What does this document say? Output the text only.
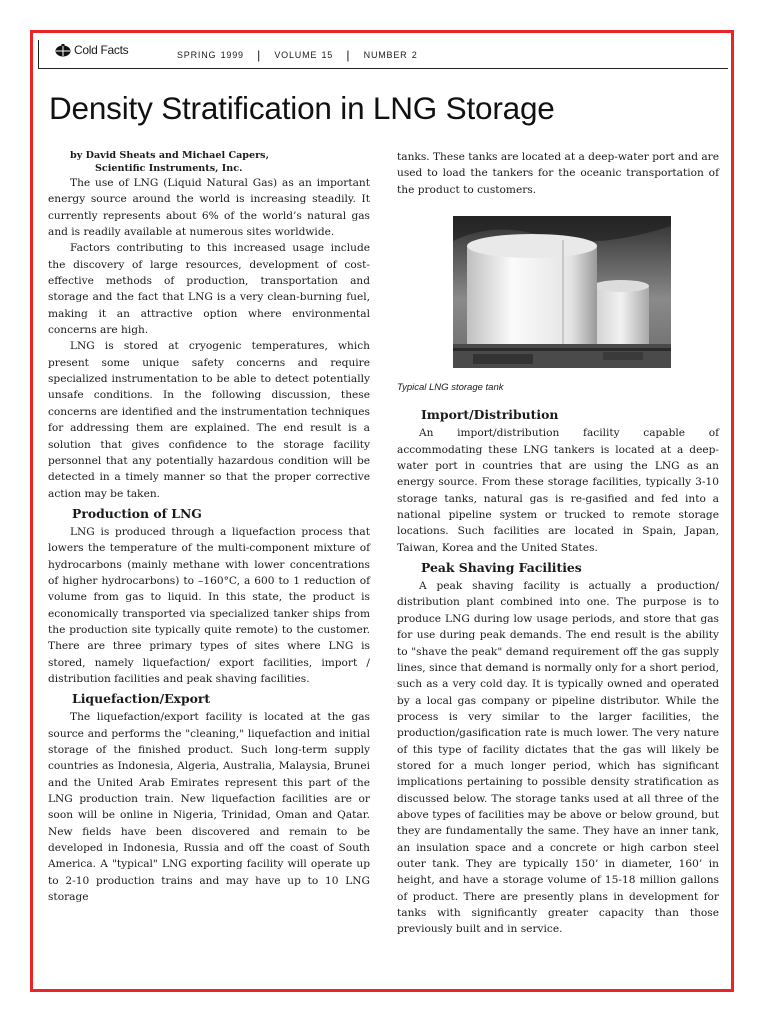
Cold Facts	SPRING 1999 | VOLUME 15 | NUMBER 2
Density Stratification in LNG Storage
by David Sheats and Michael Capers,
Scientific Instruments, Inc.

The use of LNG (Liquid Natural Gas) as an important energy source around the world is increasing steadily. It currently represents about 6% of the world’s natural gas and is readily available at numerous sites worldwide.

Factors contributing to this increased usage include the discovery of large resources, development of cost-effective methods of production, transportation and storage and the fact that LNG is a very clean-burning fuel, making it an attractive option where environmental concerns are high.

LNG is stored at cryogenic temperatures, which present some unique safety concerns and require specialized instrumentation to be able to detect potentially unsafe conditions. In the following discussion, these concerns are identified and the instrumentation techniques for addressing them are explained. The end result is a solution that gives confidence to the storage facility personnel that any potentially hazardous condition will be detected in a timely manner so that the proper corrective action may be taken.

Production of LNG

LNG is produced through a liquefaction process that lowers the temperature of the multi-component mixture of hydrocarbons (mainly methane with lower concentrations of higher hydrocarbons) to –160°C, a 600 to 1 reduction of volume from gas to liquid. In this state, the product is economically transported via specialized tanker ships from the production site typically quite remote) to the customer. There are three primary types of sites where LNG is stored, namely liquefaction/ export facilities, import / distribution facilities and peak shaving facilities.

Liquefaction/Export

The liquefaction/export facility is located at the gas source and performs the "cleaning," liquefaction and initial storage of the finished product. Such long-term supply countries as Indonesia, Algeria, Australia, Malaysia, Brunei and the United Arab Emirates represent this part of the LNG production train. New liquefaction facilities are or soon will be online in Nigeria, Trinidad, Oman and Qatar. New fields have been discovered and remain to be developed in Indonesia, Russia and off the coast of South America. A "typical" LNG exporting facility will operate up to 2-10 production trains and may have up to 10 LNG storage

tanks. These tanks are located at a deep-water port and are used to load the tankers for the oceanic transportation of the product to customers.

Typical LNG storage tank
Import/Distribution

An import/distribution facility capable of accommodating these LNG tankers is located at a deep-water port in countries that are using the LNG as an energy source. From these storage facilities, typically 3-10 storage tanks, natural gas is re-gasified and fed into a national pipeline system or trucked to remote storage locations. Such facilities are located in Spain, Japan, Taiwan, Korea and the United States.

Peak Shaving Facilities

A peak shaving facility is actually a production/ distribution plant combined into one. The purpose is to produce LNG during low usage periods, and store that gas for use during peak demands. The end result is the ability to "shave the peak" demand requirement off the gas supply lines, since that demand is normally only for a short period, such as a very cold day. It is typically owned and operated by a local gas company or pipeline distributor. While the process is very similar to the larger facilities, the production/gasification rate is much lower. The very nature of this type of facility dictates that the gas will likely be stored for a much longer period, which has significant implications pertaining to possible density stratification as discussed below. The storage tanks used at all three of the above types of facilities may be above or below ground, but they are fundamentally the same. They have an inner tank, an insulation space and a concrete or high carbon steel outer tank. They are typically 150’ in diameter, 160’ in height, and have a storage volume of 15-18 million gallons of product. There are presently plans in development for tanks with significantly greater capacity than those previously built and in service.
